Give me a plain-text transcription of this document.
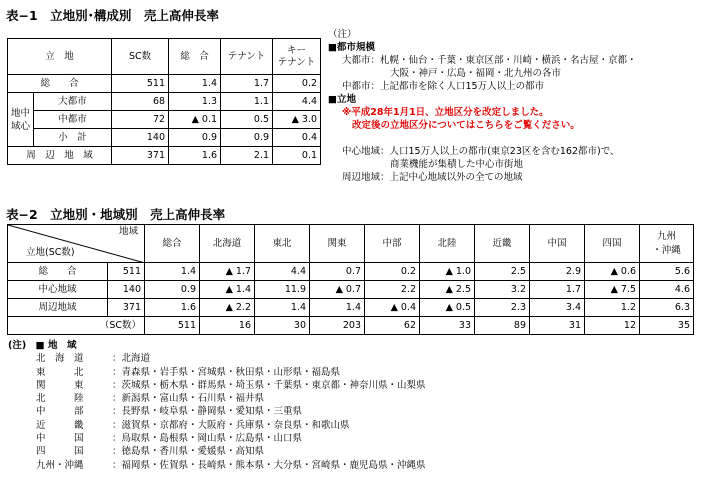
表−1　立地別･構成別　売上高伸長率
立　地		SC数	総　合	テナント	キー
テナント
総　　合		511	1.4	1.7	0.2
地中域心	大都市	68	1.3	1.1	4.4
	中都市	72	▲ 0.1	0.5	▲ 3.0
	小　計	140	0.9	0.9	0.4
周　辺　地　域		371	1.6	2.1	0.1
（注）
■都市規模
大都市：札幌・仙台・千葉・東京区部・川崎・横浜・名古屋・京都・
大阪・神戸・広島・福岡・北九州の各市
中都市：上記都市を除く人口15万人以上の都市
■立地
※平成28年1月1日、立地区分を改定しました。
改定後の立地区分についてはこちらをご覧ください。
中心地域：人口15万人以上の都市(東京23区を含む162都市)で、
商業機能が集積した中心市街地
周辺地域：上記中心地域以外の全ての地域
表−2　立地別・地域別　売上高伸長率
地域
立地(SC数)		総合	北海道	東北	関東	中部	北陸	近畿	中国	四国	九州
・沖縄
総　　合	511	1.4	▲ 1.7	4.4	0.7	0.2	▲ 1.0	2.5	2.9	▲ 0.6	5.6
中心地域	140	0.9	▲ 1.4	11.9	▲ 0.7	2.2	▲ 2.5	3.2	1.7	▲ 7.5	4.6
周辺地域	371	1.6	▲ 2.2	1.4	1.4	▲ 0.4	▲ 0.5	2.3	3.4	1.2	6.3
（SC数）		511	16	30	203	62	33	89	31	12	35
(注)　■ 地　域
北　海　道	：北海道
東　　　北	：青森県・岩手県・宮城県・秋田県・山形県・福島県
関　　　東	：茨城県・栃木県・群馬県・埼玉県・千葉県・東京都・神奈川県・山梨県
北　　　陸	：新潟県・富山県・石川県・福井県
中　　　部	：長野県・岐阜県・静岡県・愛知県・三重県
近　　　畿	：滋賀県・京都府・大阪府・兵庫県・奈良県・和歌山県
中　　　国	：鳥取県・島根県・岡山県・広島県・山口県
四　　　国	：徳島県・香川県・愛媛県・高知県
九州・沖縄	：福岡県・佐賀県・長崎県・熊本県・大分県・宮崎県・鹿児島県・沖縄県
